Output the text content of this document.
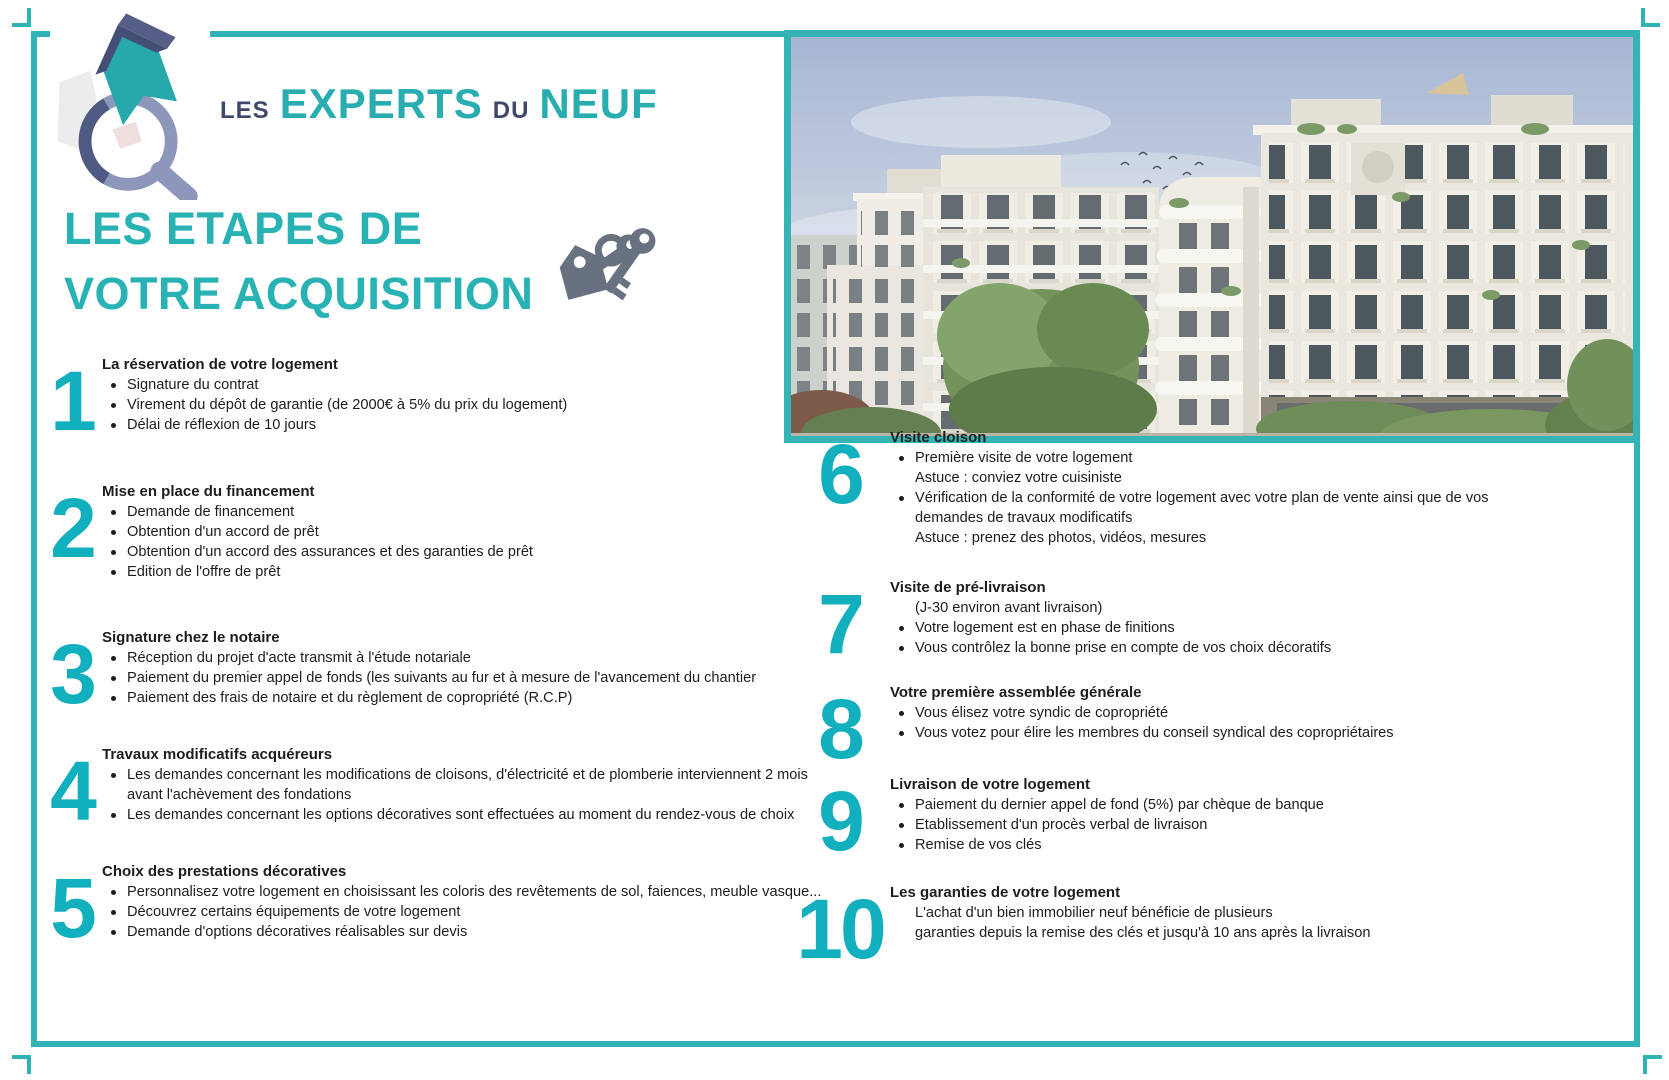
LES EXPERTS DU NEUF
LES ETAPES DE
VOTRE ACQUISITION
1 La réservation de votre logement
Signature du contrat
Virement du dépôt de garantie (de 2000€ à 5% du prix du logement)
Délai de réflexion de 10 jours
2 Mise en place du financement
Demande de financement
Obtention d'un accord de prêt
Obtention d'un accord des assurances et des garanties de prêt
Edition de l'offre de prêt
3 Signature chez le notaire
Réception du projet d'acte transmit à l'étude notariale
Paiement du premier appel de fonds (les suivants au fur et à mesure de l'avancement du chantier
Paiement des frais de notaire et du règlement de copropriété (R.C.P)
4 Travaux modificatifs acquéreurs
Les demandes concernant les modifications de cloisons, d'électricité et de plomberie interviennent 2 mois avant l'achèvement des fondations
Les demandes concernant les options décoratives sont effectuées au moment du rendez-vous de choix
5 Choix des prestations décoratives
Personnalisez votre logement en choisissant les coloris des revêtements de sol, faiences, meuble vasque...
Découvrez certains équipements de votre logement
Demande d'options décoratives réalisables sur devis
6	Visite cloison
Première visite de votre logement
Astuce : conviez votre cuisiniste
Vérification de la conformité de votre logement avec votre plan de vente ainsi que de vos demandes de travaux modificatifs
Astuce : prenez des photos, vidéos, mesures
7	Visite de pré-livraison
(J-30 environ avant livraison)
Votre logement est en phase de finitions
Vous contrôlez la bonne prise en compte de vos choix décoratifs
8	Votre première assemblée générale
Vous élisez votre syndic de copropriété
Vous votez pour élire les membres du conseil syndical des copropriétaires
9	Livraison de votre logement
Paiement du dernier appel de fond (5%) par chèque de banque
Etablissement d'un procès verbal de livraison
Remise de vos clés
10 Les garanties de votre logement
L'achat d'un bien immobilier neuf bénéficie de plusieurs
garanties depuis la remise des clés et jusqu'à 10 ans après la livraison
